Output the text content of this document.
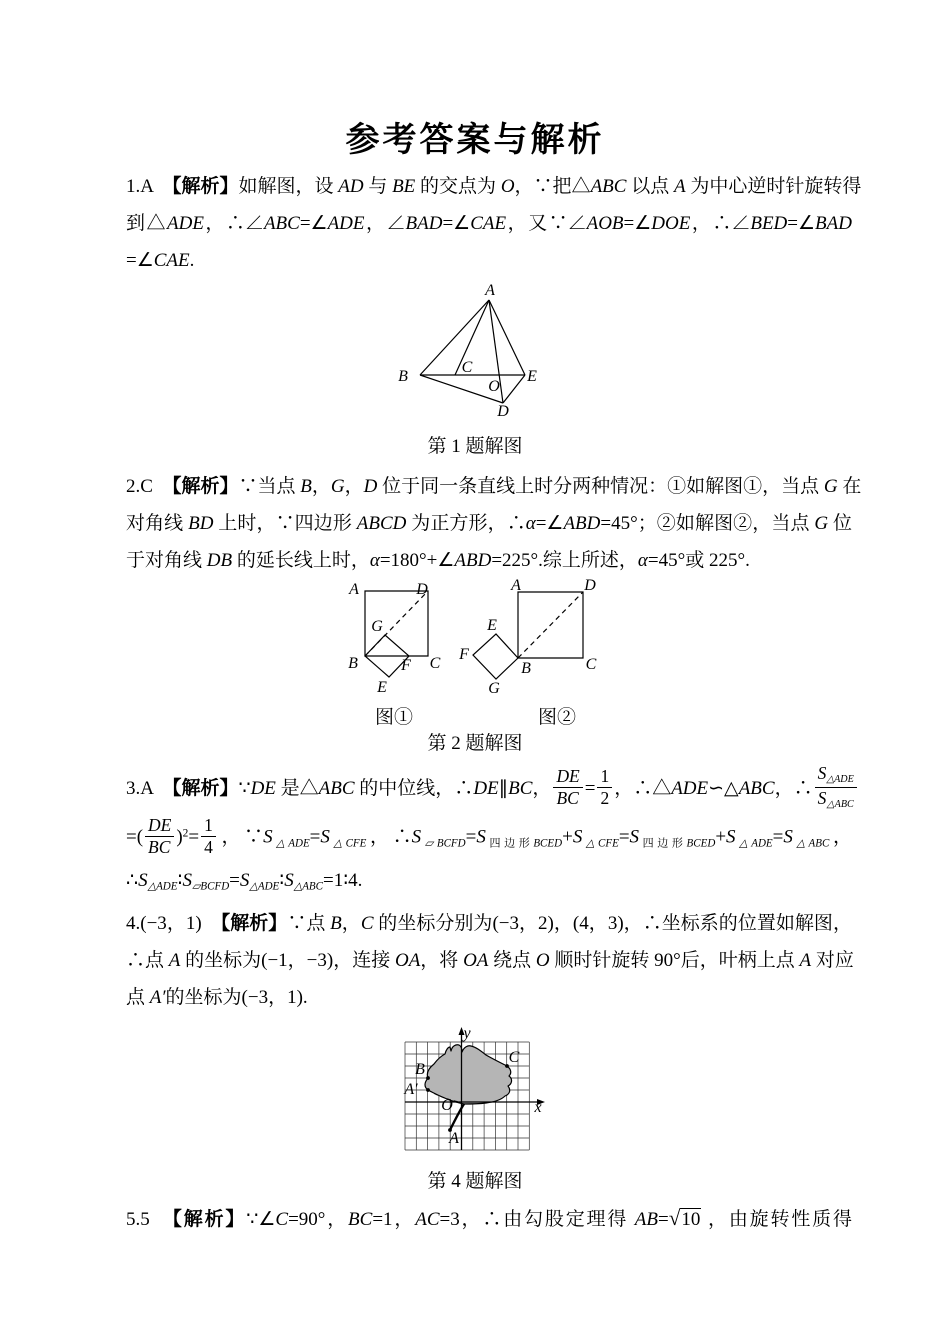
参考答案与解析
1.A　 【解析】如解图，设 AD 与 BE 的交点为 O，∵把△ABC 以点 A 为中心逆时针旋转得
到△ADE，∴∠ABC=∠ADE，∠BAD=∠CAE，又∵∠AOB=∠DOE，∴∠BED=∠BAD
=∠CAE.
A
B
C
O
E
D
第 1 题解图
2.C　 【解析】∵当点 B，G，D 位于同一条直线上时分两种情况：①如解图①，当点 G 在
对角线 BD 上时，∵四边形 ABCD 为正方形，∴α=∠ABD=45°；②如解图②，当点 G 位
于对角线 DB 的延长线上时，α=180°+∠ABD=225°.综上所述，α=45°或 225°.
A	D
G
B	F C
E
A	D
B	C
E
F
G
图①	图②
第 2 题解图
3.A　 【解析】∵DE 是△ABC 的中位线，∴DE∥BC， $\frac{DE}{BC} = \frac{1}{2}$ ，∴△ADE∽△ABC，∴ $\frac{S_{\triangle ADE}}{S_{\triangle ABC}}$
=( $\frac{DE}{BC} )^2= \frac{1}{4}$ ，$\because S_{\triangle ADE}=S_{\triangle CFE}$，$\therefore S_{▱BCFD}=S_{四边形BCED}+S_{\triangle CFE}=S_{四边形BCED}+S_{\triangle ADE}=S_{\triangle ABC}$，
$\therefore S_{\triangle ADE}∶S_{▱BCFD}=S_{\triangle ADE}∶S_{\triangle ABC}=1∶4$.
4.(−3，1)　 【解析】∵点 B，C 的坐标分别为(−3，2)，(4，3)，∴坐标系的位置如解图，
∴点 A 的坐标为(−1，−3)，连接 OA，将 OA 绕点 O 顺时针旋转 90°后，叶柄上点 A 对应
点 A′的坐标为(−3，1).
y
x
B
C
A′
O
A
第 4 题解图
5.5　 【解析】∵∠C=90°，BC=1，AC=3，∴由勾股定理得 AB=√10 ，由旋转性质得
